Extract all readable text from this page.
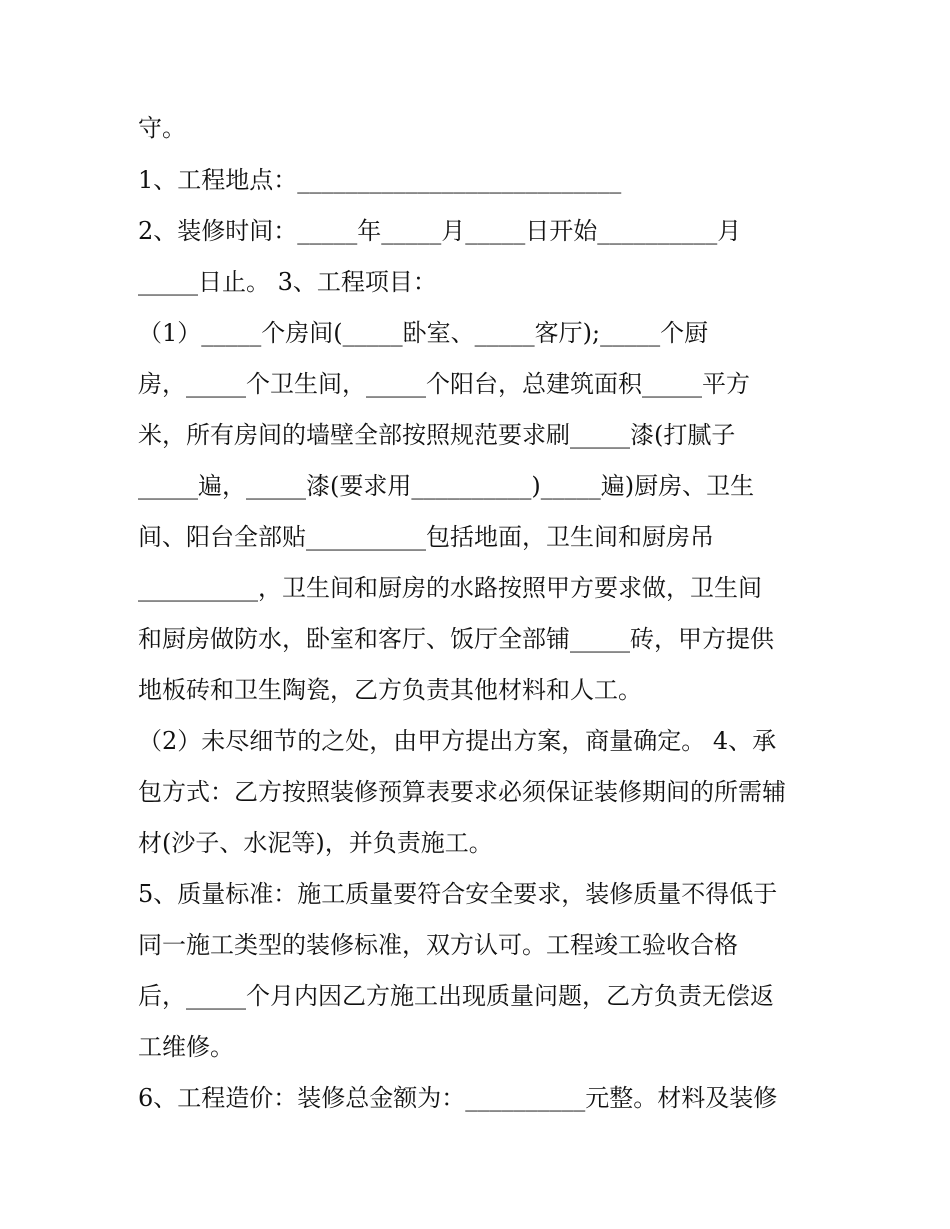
守。

1、工程地点：___________________________

2、装修时间：_____年_____月_____日开始__________月

_____日止。 3、工程项目：

（1）_____个房间(_____卧室、_____客厅);_____个厨

房，_____个卫生间，_____个阳台，总建筑面积_____平方

米，所有房间的墙壁全部按照规范要求刷_____漆(打腻子

_____遍，_____漆(要求用__________)_____遍)厨房、卫生

间、阳台全部贴__________包括地面，卫生间和厨房吊

__________，卫生间和厨房的水路按照甲方要求做，卫生间

和厨房做防水，卧室和客厅、饭厅全部铺_____砖，甲方提供

地板砖和卫生陶瓷，乙方负责其他材料和人工。

（2）未尽细节的之处，由甲方提出方案，商量确定。 4、承

包方式：乙方按照装修预算表要求必须保证装修期间的所需辅

材(沙子、水泥等)，并负责施工。

5、质量标准：施工质量要符合安全要求，装修质量不得低于

同一施工类型的装修标准，双方认可。工程竣工验收合格

后，_____个月内因乙方施工出现质量问题，乙方负责无偿返

工维修。

6、工程造价：装修总金额为：__________元整。材料及装修
